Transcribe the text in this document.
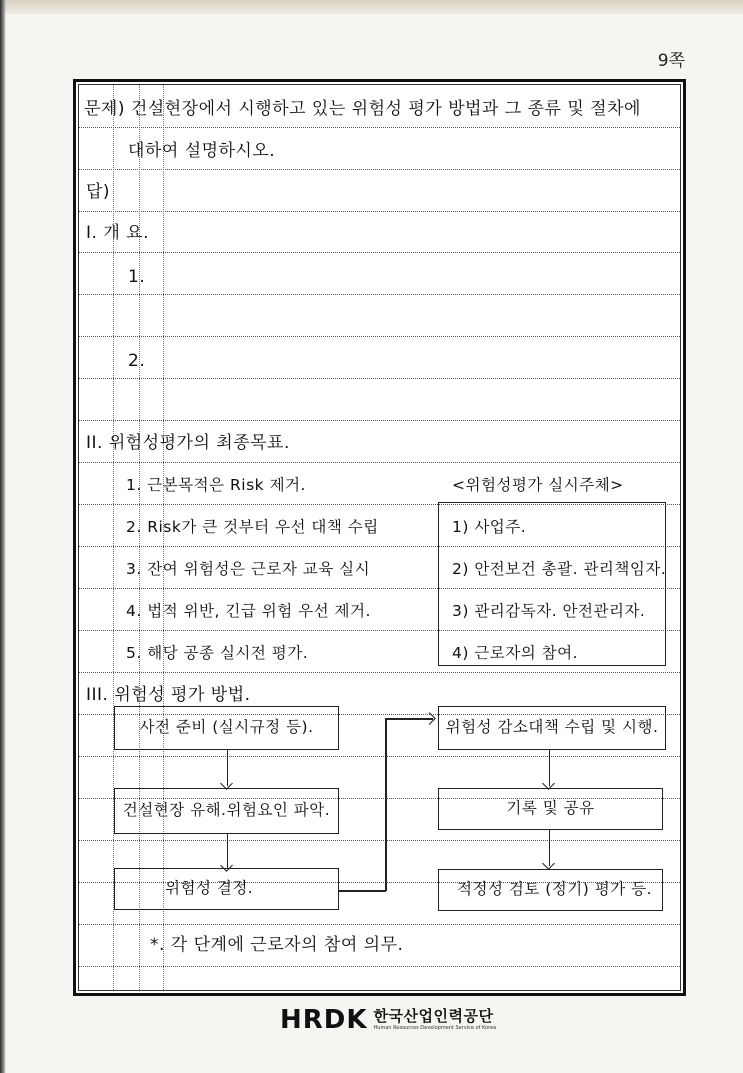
9쪽
문제) 건설현장에서 시행하고 있는 위험성 평가 방법과 그 종류 및 절차에
대하여 설명하시오.
답)
I. 개 요.
1.
2.
II. 위험성평가의 최종목표.
1. 근본목적은 Risk 제거.
2. Risk가 큰 것부터 우선 대책 수립
3. 잔여 위험성은 근로자 교육 실시
4. 법적 위반, 긴급 위험 우선 제거.
5. 해당 공종 실시전 평가.
<위험성평가 실시주체>
1) 사업주.
2) 안전보건 총괄. 관리책임자.
3) 관리감독자. 안전관리자.
4) 근로자의 참여.
III. 위험성 평가 방법.
사전 준비 (실시규정 등).
건설현장 유해.위험요인 파악.
위험성 결정.
위험성 감소대책 수립 및 시행.
기록 및 공유
적정성 검토 (정기) 평가 등.
*. 각 단계에 근로자의 참여 의무.
HRDK 한국산업인력공단
Human Resources Development Service of Korea
